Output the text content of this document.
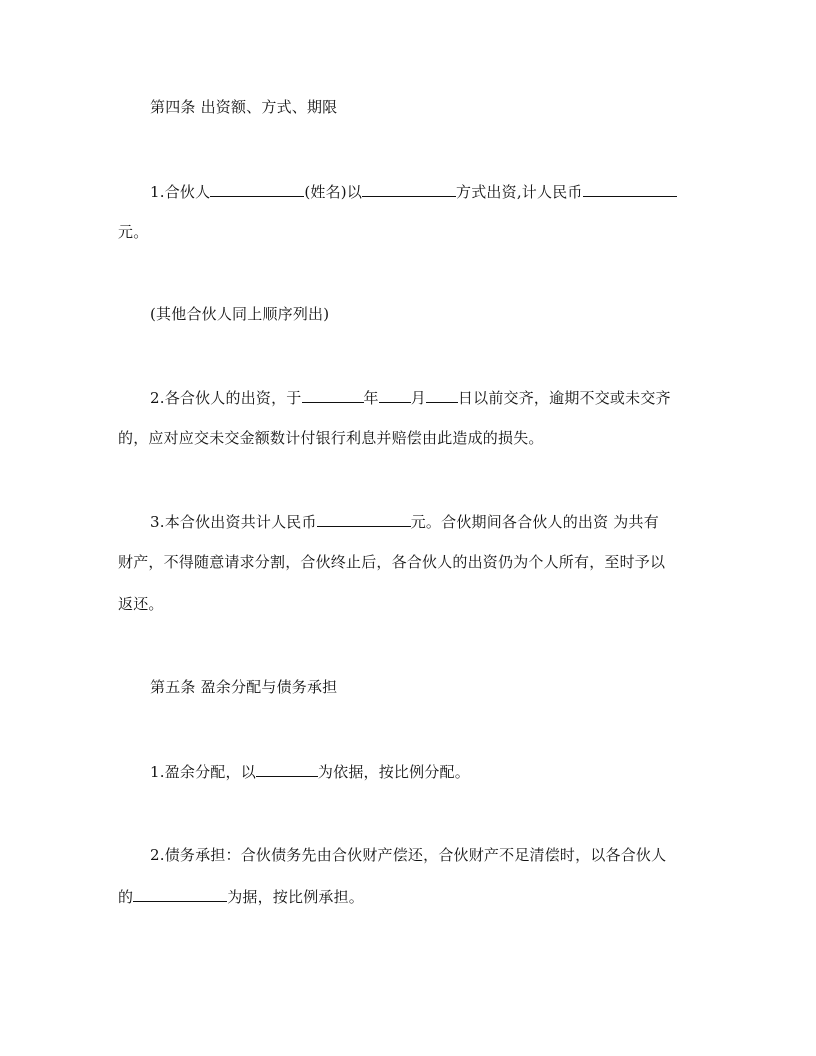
第四条 出资额、方式、期限
1.合伙人	(姓名)以	方式出资,计人民币
元。
(其他合伙人同上顺序列出)
2.各合伙人的出资，于	年 月 日以前交齐，逾期不交或未交齐
的，应对应交未交金额数计付银行利息并赔偿由此造成的损失。
3.本合伙出资共计人民币	元。合伙期间各合伙人的出资 为共有
财产，不得随意请求分割，合伙终止后，各合伙人的出资仍为个人所有，至时予以
返还。
第五条 盈余分配与债务承担
1.盈余分配，以	为依据，按比例分配。
2.债务承担：合伙债务先由合伙财产偿还，合伙财产不足清偿时，以各合伙人
的	为据，按比例承担。
